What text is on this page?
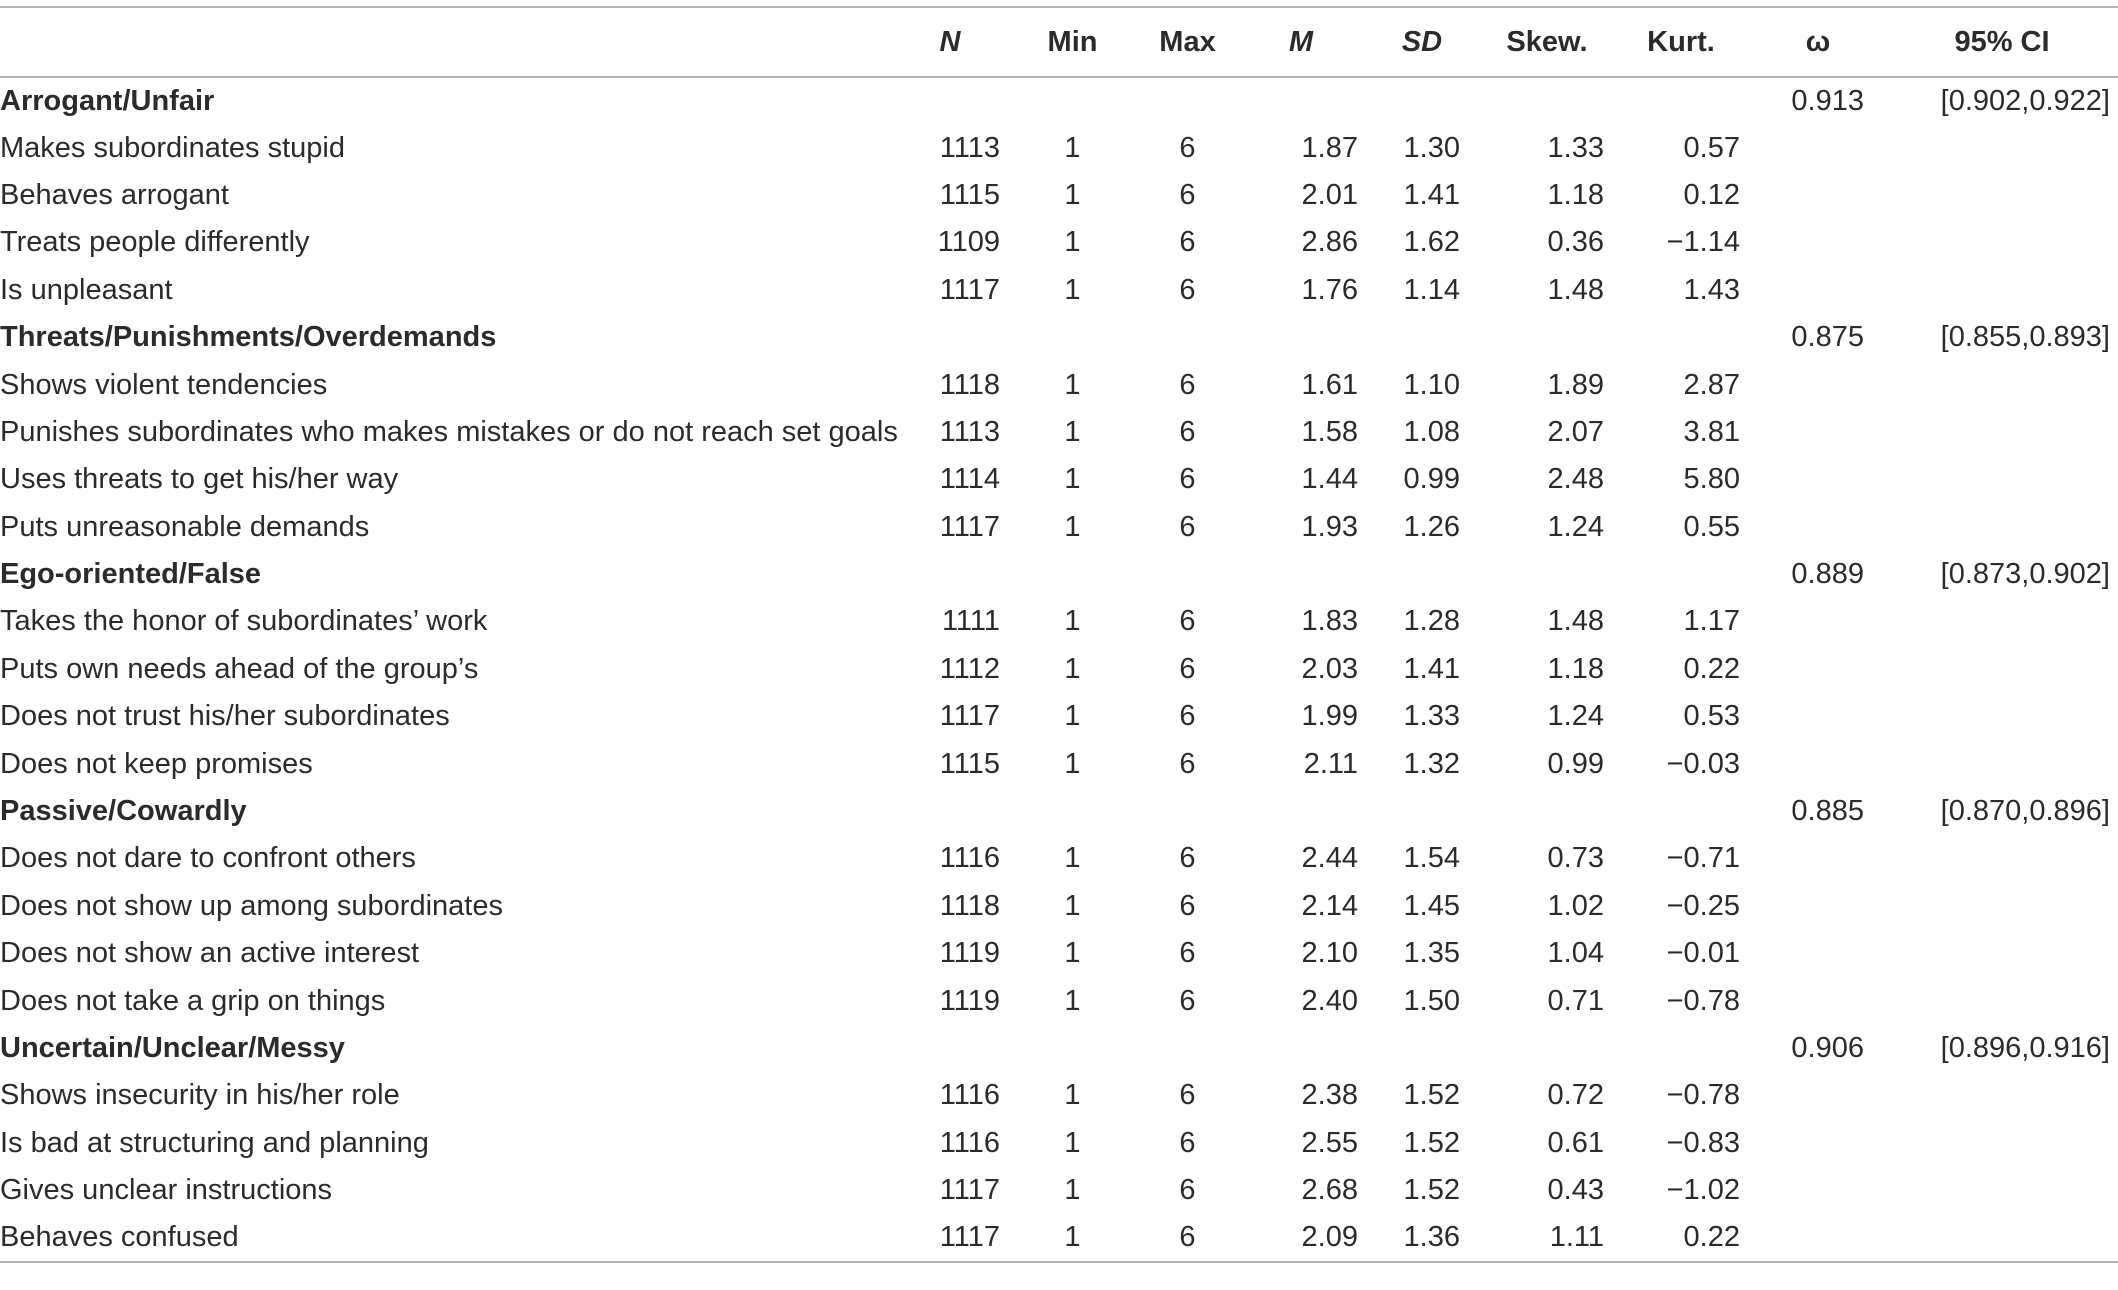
	N	Min	Max	M	SD	Skew.	Kurt.	ω	95% CI
Arrogant/Unfair								0.913	[0.902,0.922]
Makes subordinates stupid	1113	1	6	1.87	1.30	1.33	0.57		
Behaves arrogant	1115	1	6	2.01	1.41	1.18	0.12		
Treats people differently	1109	1	6	2.86	1.62	0.36	−1.14		
Is unpleasant	1117	1	6	1.76	1.14	1.48	1.43		
Threats/Punishments/Overdemands								0.875	[0.855,0.893]
Shows violent tendencies	1118	1	6	1.61	1.10	1.89	2.87		
Punishes subordinates who makes mistakes or do not reach set goals	1113	1	6	1.58	1.08	2.07	3.81		
Uses threats to get his/her way	1114	1	6	1.44	0.99	2.48	5.80		
Puts unreasonable demands	1117	1	6	1.93	1.26	1.24	0.55		
Ego-oriented/False								0.889	[0.873,0.902]
Takes the honor of subordinates’ work	1111	1	6	1.83	1.28	1.48	1.17		
Puts own needs ahead of the group’s	1112	1	6	2.03	1.41	1.18	0.22		
Does not trust his/her subordinates	1117	1	6	1.99	1.33	1.24	0.53		
Does not keep promises	1115	1	6	2.11	1.32	0.99	−0.03		
Passive/Cowardly								0.885	[0.870,0.896]
Does not dare to confront others	1116	1	6	2.44	1.54	0.73	−0.71		
Does not show up among subordinates	1118	1	6	2.14	1.45	1.02	−0.25		
Does not show an active interest	1119	1	6	2.10	1.35	1.04	−0.01		
Does not take a grip on things	1119	1	6	2.40	1.50	0.71	−0.78		
Uncertain/Unclear/Messy								0.906	[0.896,0.916]
Shows insecurity in his/her role	1116	1	6	2.38	1.52	0.72	−0.78		
Is bad at structuring and planning	1116	1	6	2.55	1.52	0.61	−0.83		
Gives unclear instructions	1117	1	6	2.68	1.52	0.43	−1.02		
Behaves confused	1117	1	6	2.09	1.36	1.11	0.22		
